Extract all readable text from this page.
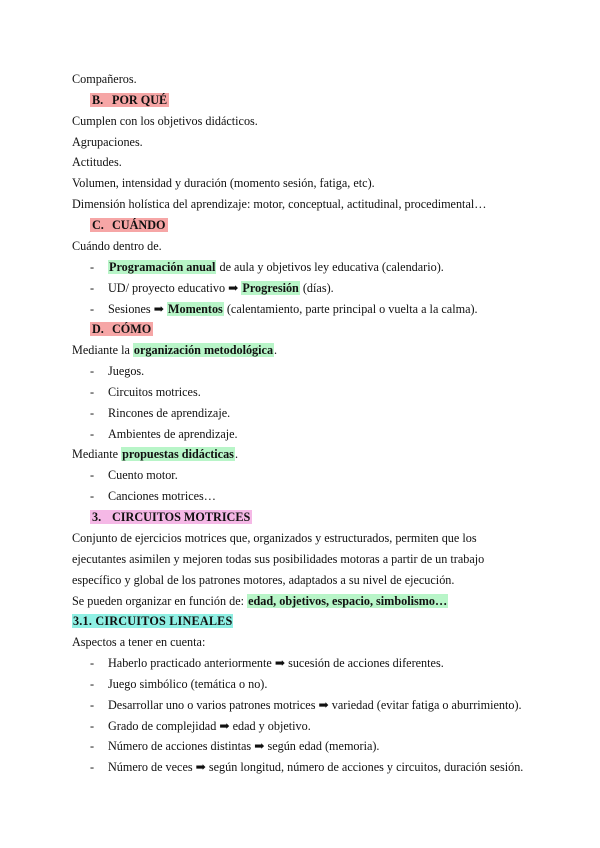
Compañeros.
B. POR QUÉ
Cumplen con los objetivos didácticos.
Agrupaciones.
Actitudes.
Volumen, intensidad y duración (momento sesión, fatiga, etc).
Dimensión holística del aprendizaje: motor, conceptual, actitudinal, procedimental…
C. CUÁNDO
Cuándo dentro de.
- Programación anual de aula y objetivos ley educativa (calendario).
- UD/ proyecto educativo ➡ Progresión (días).
- Sesiones ➡ Momentos (calentamiento, parte principal o vuelta a la calma).
D. CÓMO
Mediante la organización metodológica.
- Juegos.
- Circuitos motrices.
- Rincones de aprendizaje.
- Ambientes de aprendizaje.
Mediante propuestas didácticas.
- Cuento motor.
- Canciones motrices…
3. CIRCUITOS MOTRICES
Conjunto de ejercicios motrices que, organizados y estructurados, permiten que los
ejecutantes asimilen y mejoren todas sus posibilidades motoras a partir de un trabajo
específico y global de los patrones motores, adaptados a su nivel de ejecución.
Se pueden organizar en función de: edad, objetivos, espacio, simbolismo…
3.1. CIRCUITOS LINEALES
Aspectos a tener en cuenta:
- Haberlo practicado anteriormente ➡ sucesión de acciones diferentes.
- Juego simbólico (temática o no).
- Desarrollar uno o varios patrones motrices ➡ variedad (evitar fatiga o aburrimiento).
- Grado de complejidad ➡ edad y objetivo.
- Número de acciones distintas ➡ según edad (memoria).
- Número de veces ➡ según longitud, número de acciones y circuitos, duración sesión.
